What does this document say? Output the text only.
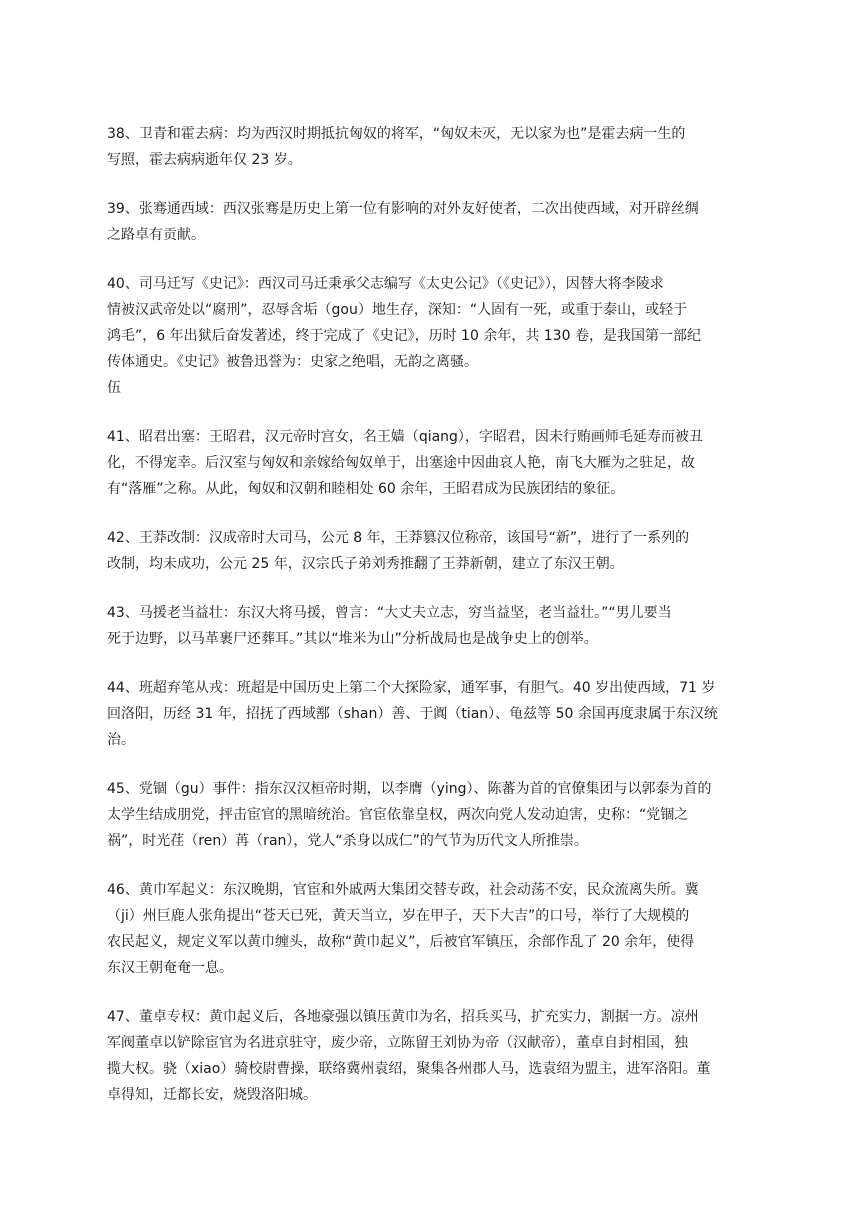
38、卫青和霍去病：均为西汉时期抵抗匈奴的将军，“匈奴未灭，无以家为也”是霍去病一生的
写照，霍去病病逝年仅 23 岁。
39、张骞通西域：西汉张骞是历史上第一位有影响的对外友好使者，二次出使西域，对开辟丝绸
之路卓有贡献。
40、司马迁写《史记》：西汉司马迁秉承父志编写《太史公记》（《史记》），因替大将李陵求
情被汉武帝处以“腐刑”，忍辱含垢（gou）地生存，深知：“人固有一死，或重于泰山，或轻于
鸿毛”，6 年出狱后奋发著述，终于完成了《史记》，历时 10 余年，共 130 卷，是我国第一部纪
传体通史。《史记》被鲁迅誉为：史家之绝唱，无韵之离骚。
伍
41、昭君出塞：王昭君，汉元帝时宫女，名王嫱（qiang），字昭君，因未行贿画师毛延寿而被丑
化，不得宠幸。后汉室与匈奴和亲嫁给匈奴单于，出塞途中因曲哀人艳，南飞大雁为之驻足，故
有“落雁”之称。从此，匈奴和汉朝和睦相处 60 余年，王昭君成为民族团结的象征。
42、王莽改制：汉成帝时大司马，公元 8 年，王莽篡汉位称帝，该国号“新”，进行了一系列的
改制，均未成功，公元 25 年，汉宗氏子弟刘秀推翻了王莽新朝，建立了东汉王朝。
43、马援老当益壮：东汉大将马援，曾言：“大丈夫立志，穷当益坚，老当益壮。”“男儿要当
死于边野，以马革裹尸还葬耳。”其以“堆米为山”分析战局也是战争史上的创举。
44、班超弃笔从戎：班超是中国历史上第二个大探险家，通军事，有胆气。40 岁出使西域，71 岁
回洛阳，历经 31 年，招抚了西域鄯（shan）善、于阗（tian）、龟兹等 50 余国再度隶属于东汉统
治。
45、党锢（gu）事件：指东汉汉桓帝时期，以李膺（ying）、陈蕃为首的官僚集团与以郭泰为首的
太学生结成朋党，抨击宦官的黑暗统治。官宦依靠皇权，两次向党人发动迫害，史称：“党锢之
祸”，时光荏（ren）苒（ran），党人“杀身以成仁”的气节为历代文人所推崇。
46、黄巾军起义：东汉晚期，官宦和外戚两大集团交替专政，社会动荡不安，民众流离失所。冀
（ji）州巨鹿人张角提出“苍天已死，黄天当立，岁在甲子，天下大吉”的口号，举行了大规模的
农民起义，规定义军以黄巾缠头，故称“黄巾起义”，后被官军镇压，余部作乱了 20 余年，使得
东汉王朝奄奄一息。
47、董卓专权：黄巾起义后，各地豪强以镇压黄巾为名，招兵买马，扩充实力，割据一方。凉州
军阀董卓以铲除宦官为名进京驻守，废少帝，立陈留王刘协为帝（汉献帝），董卓自封相国，独
揽大权。骁（xiao）骑校尉曹操，联络冀州袁绍，聚集各州郡人马，选袁绍为盟主，进军洛阳。董
卓得知，迁都长安，烧毁洛阳城。
